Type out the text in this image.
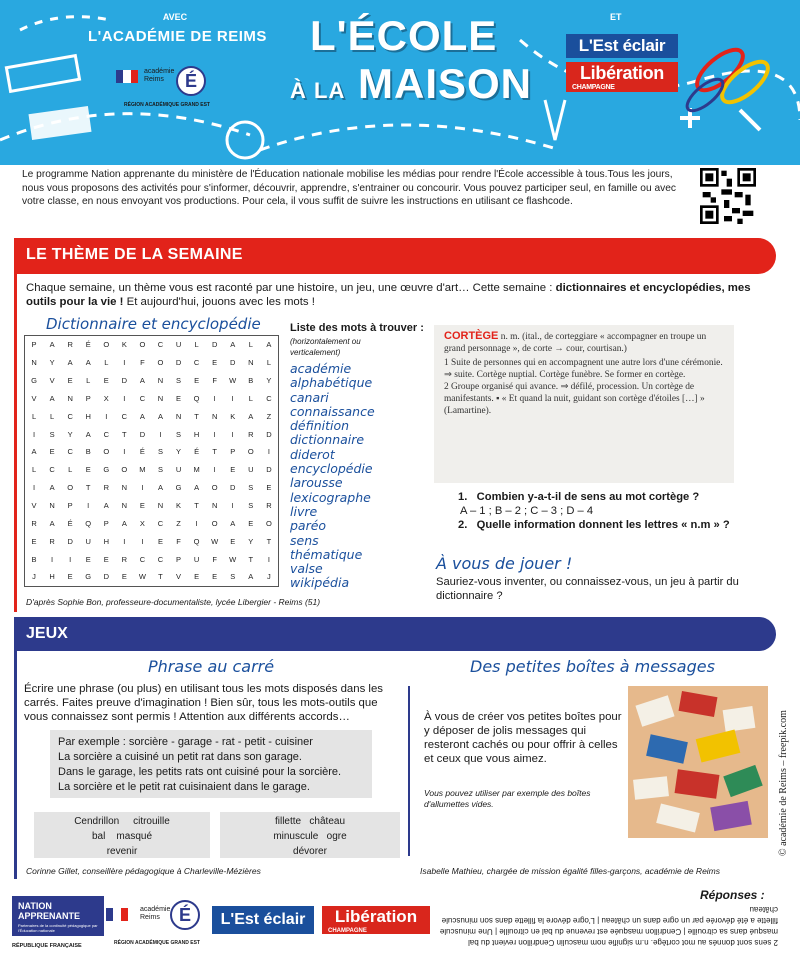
AVEC
L'ACADÉMIE DE REIMS
académie Reims	É
RÉGION ACADÉMIQUE GRAND EST
L'ÉCOLE
À LA MAISON
ET
L'Est éclair
Libération
CHAMPAGNE
Le programme Nation apprenante du ministère de l'Éducation nationale mobilise les médias pour rendre l'École accessible à tous.Tous les jours, nous vous proposons des activités pour s'informer, découvrir, apprendre, s'entrainer ou concourir. Vous pouvez participer seul, en famille ou avec votre classe, en nous envoyant vos productions. Pour cela, il vous suffit de suivre les instructions en utilisant ce flashcode.
LE THÈME DE LA SEMAINE
Chaque semaine, un thème vous est raconté par une histoire, un jeu, une œuvre d'art… Cette semaine : dictionnaires et encyclopédies, mes outils pour la vie ! Et aujourd'hui, jouons avec les mots !
Dictionnaire et encyclopédie
P	A	R	É	O	K	O	C	U	L	D	A	L	A
N	Y	A	A	L	I	F	O	D	C	E	D	N	L
G	V	E	L	E	D	A	N	S	E	F	W	B	Y
V	A	N	P	X	I	C	N	E	Q	I	I	L	C
L	L	C	H	I	C	A	A	N	T	N	K	A	Z
I	S	Y	A	C	T	D	I	S	H	I	I	R	D
A	E	C	B	O	I	É	S	Y	É	T	P	O	I
L	C	L	E	G	O	M	S	U	M	I	E	U	D
I	A	O	T	R	N	I	A	G	A	O	D	S	E
V	N	P	I	A	N	E	N	K	T	N	I	S	R
R	A	É	Q	P	A	X	C	Z	I	O	A	E	O
E	R	D	U	H	I	I	E	F	Q	W	E	Y	T
B	I	I	E	E	R	C	C	P	U	F	W	T	I
J	H	E	G	D	E	W	T	V	E	E	S	A	J
Liste des mots à trouver :
(horizontalement ou verticalement)
académie
alphabétique
canari
connaissance
définition
dictionnaire
diderot
encyclopédie
larousse
lexicographe
livre
paréo
sens
thématique
valse
wikipédia
D'après Sophie Bon, professeure-documentaliste, lycée Libergier - Reims (51)
CORTÈGE n. m. (ital., de corteggiare « accompagner en troupe un grand personnage », de corte → cour, courtisan.)
1 Suite de personnes qui en accompagnent une autre lors d'une cérémonie. ⇒ suite. Cortège nuptial. Cortège funèbre. Se former en cortège.
2 Groupe organisé qui avance. ⇒ défilé, procession. Un cortège de manifestants. ▪ « Et quand la nuit, guidant son cortège d'étoiles […] » (Lamartine).
1.   Combien y-a-t-il de sens au mot cortège ?
A – 1 ; B – 2 ; C – 3 ; D – 4
2.   Quelle information donnent les lettres « n.m » ?
À vous de jouer !
Sauriez-vous inventer, ou connaissez-vous, un jeu à partir du dictionnaire ?
JEUX
Phrase au carré
Écrire une phrase (ou plus) en utilisant tous les mots disposés dans les carrés. Faites preuve d'imagination ! Bien sûr, tous les mots-outils que vous connaissez sont permis ! Attention aux différents accords…
Par exemple : sorcière - garage - rat - petit - cuisiner
La sorcière a cuisiné un petit rat dans son garage.
Dans le garage, les petits rats ont cuisiné pour la sorcière.
La sorcière et le petit rat cuisinaient dans le garage.
Cendrillon     citrouille
bal    masqué
revenir
fillette   château
minuscule   ogre
dévorer
Des petites boîtes à messages
À vous de créer vos petites boîtes pour y déposer de jolis messages qui resteront cachés ou pour offrir à celles et ceux que vous aimez.
Vous pouvez utiliser par exemple des boîtes d'allumettes vides.
Corinne Gillet, conseillère pédagogique à Charleville-Mézières	Isabelle Mathieu, chargée de mission égalité filles-garçons, académie de Reims
© académie de Reims – freepik.com
NATION APPRENANTE
Partenaires de la continuité pédagogique par l'Éducation nationale
RÉPUBLIQUE FRANÇAISE
académie Reims	É
RÉGION ACADÉMIQUE GRAND EST
L'Est éclair	Libération
CHAMPAGNE
Réponses :
2 sens sont donnés au mot cortège. n.m signifie nom masculin Cendrillon revient du bal masqué dans sa citrouille | Cendrillon masquée est revenue du bal en citrouille | Une minuscule fillette a été dévorée par un ogre dans un château | L'ogre dévore la fillette dans son minuscule château
